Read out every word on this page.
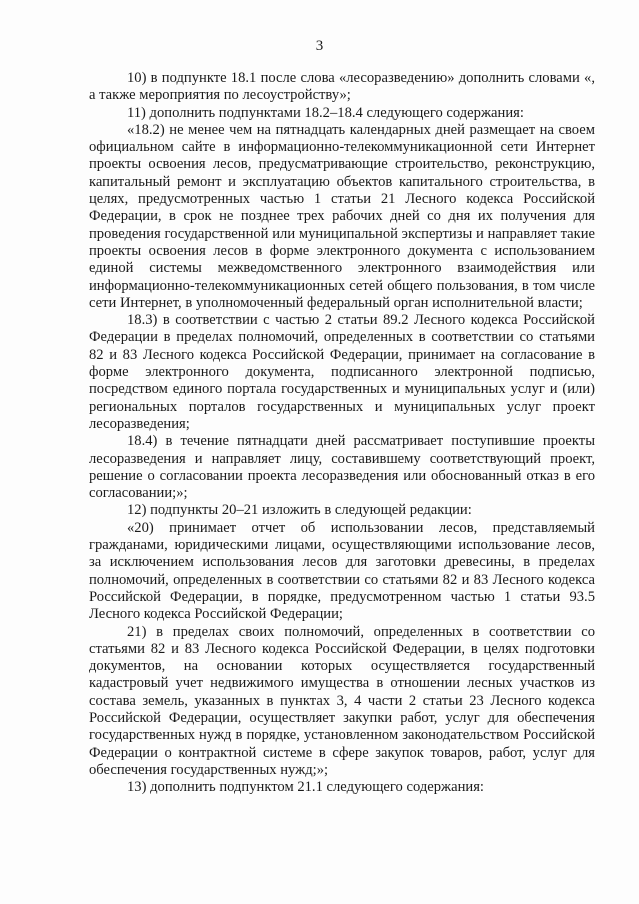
3

10) в подпункте 18.1 после слова «лесоразведению» дополнить словами «, а также мероприятия по лесоустройству»;

11) дополнить подпунктами 18.2–18.4 следующего содержания:

«18.2) не менее чем на пятнадцать календарных дней размещает на своем официальном сайте в информационно-телекоммуникационной сети Интернет проекты освоения лесов, предусматривающие строительство, реконструкцию, капитальный ремонт и эксплуатацию объектов капитального строительства, в целях, предусмотренных частью 1 статьи 21 Лесного кодекса Российской Федерации, в срок не позднее трех рабочих дней со дня их получения для проведения государственной или муниципальной экспертизы и направляет такие проекты освоения лесов в форме электронного документа с использованием единой системы межведомственного электронного взаимодействия или информационно-телекоммуникационных сетей общего пользования, в том числе сети Интернет, в уполномоченный федеральный орган исполнительной власти;

18.3) в соответствии с частью 2 статьи 89.2 Лесного кодекса Российской Федерации в пределах полномочий, определенных в соответствии со статьями 82 и 83 Лесного кодекса Российской Федерации, принимает на согласование в форме электронного документа, подписанного электронной подписью, посредством единого портала государственных и муниципальных услуг и (или) региональных порталов государственных и муниципальных услуг проект лесоразведения;

18.4) в течение пятнадцати дней рассматривает поступившие проекты лесоразведения и направляет лицу, составившему соответствующий проект, решение о согласовании проекта лесоразведения или обоснованный отказ в его согласовании;»;

12) подпункты 20–21 изложить в следующей редакции:

«20) принимает отчет об использовании лесов, представляемый гражданами, юридическими лицами, осуществляющими использование лесов, за исключением использования лесов для заготовки древесины, в пределах полномочий, определенных в соответствии со статьями 82 и 83 Лесного кодекса Российской Федерации, в порядке, предусмотренном частью 1 статьи 93.5 Лесного кодекса Российской Федерации;

21) в пределах своих полномочий, определенных в соответствии со статьями 82 и 83 Лесного кодекса Российской Федерации, в целях подготовки документов, на основании которых осуществляется государственный кадастровый учет недвижимого имущества в отношении лесных участков из состава земель, указанных в пунктах 3, 4 части 2 статьи 23 Лесного кодекса Российской Федерации, осуществляет закупки работ, услуг для обеспечения государственных нужд в порядке, установленном законодательством Российской Федерации о контрактной системе в сфере закупок товаров, работ, услуг для обеспечения государственных нужд;»;

13) дополнить подпунктом 21.1 следующего содержания:
